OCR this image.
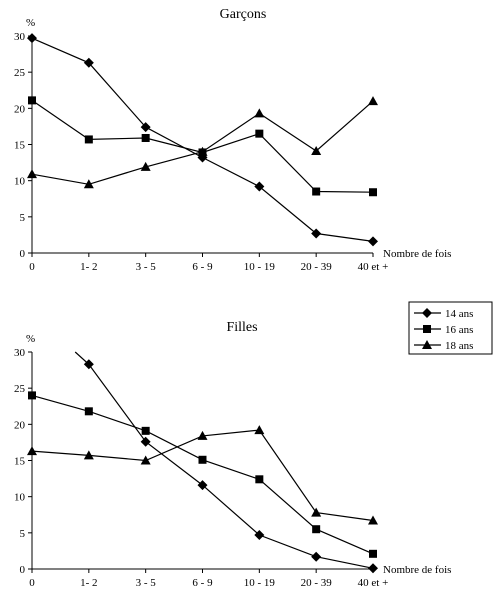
Garçons
%
0
5
10
15
20
25
30
0	1- 2	3 - 5	6 - 9	10 - 19 20 - 39 40 et +
Nombre de fois
Filles
%
0
5
10
15
20
25
30
0	1- 2	3 - 5	6 - 9	10 - 19 20 - 39 40 et +
Nombre de fois
14 ans
16 ans
18 ans
